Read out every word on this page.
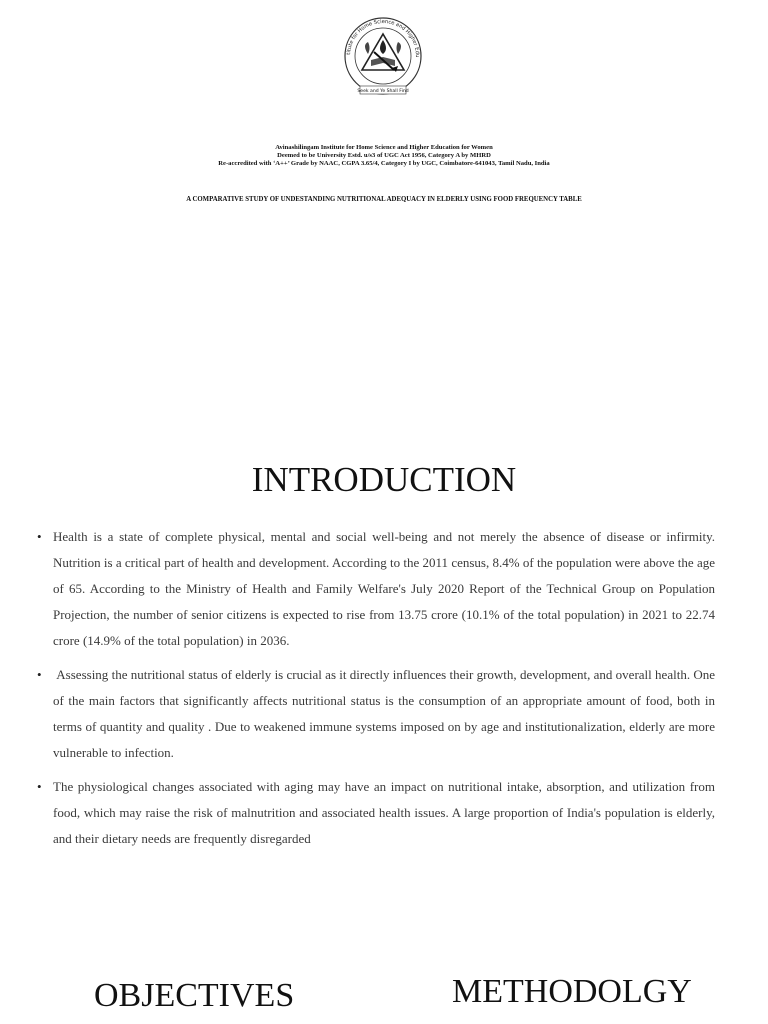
titute for Home Science and Higher Edu
Seek and Ye Shall Find
Avinashilingam Institute for Home Science and Higher Education for Women
Deemed to be University Estd. u/s3 of UGC Act 1956, Category A by MHRD
Re-accredited with ‘A++’ Grade by NAAC, CGPA 3.65/4, Category I by UGC, Coimbatore-641043, Tamil Nadu, India
A COMPARATIVE STUDY OF UNDESTANDING NUTRITIONAL ADEQUACY IN ELDERLY USING FOOD FREQUENCY TABLE
INTRODUCTION
• Health is a state of complete physical, mental and social well-being and not merely the absence of disease or infirmity. Nutrition is a critical part of health and development. According to the 2011 census, 8.4% of the population were above the age of 65. According to the Ministry of Health and Family Welfare's July 2020 Report of the Technical Group on Population Projection, the number of senior citizens is expected to rise from 13.75 crore (10.1% of the total population) in 2021 to 22.74 crore (14.9% of the total population) in 2036.
• Assessing the nutritional status of elderly is crucial as it directly influences their growth, development, and overall health. One of the main factors that significantly affects nutritional status is the consumption of an appropriate amount of food, both in terms of quantity and quality . Due to weakened immune systems imposed on by age and institutionalization, elderly are more vulnerable to infection.
• The physiological changes associated with aging may have an impact on nutritional intake, absorption, and utilization from food, which may raise the risk of malnutrition and associated health issues. A large proportion of India's population is elderly, and their dietary needs are frequently disregarded
OBJECTIVES	METHODOLGY
